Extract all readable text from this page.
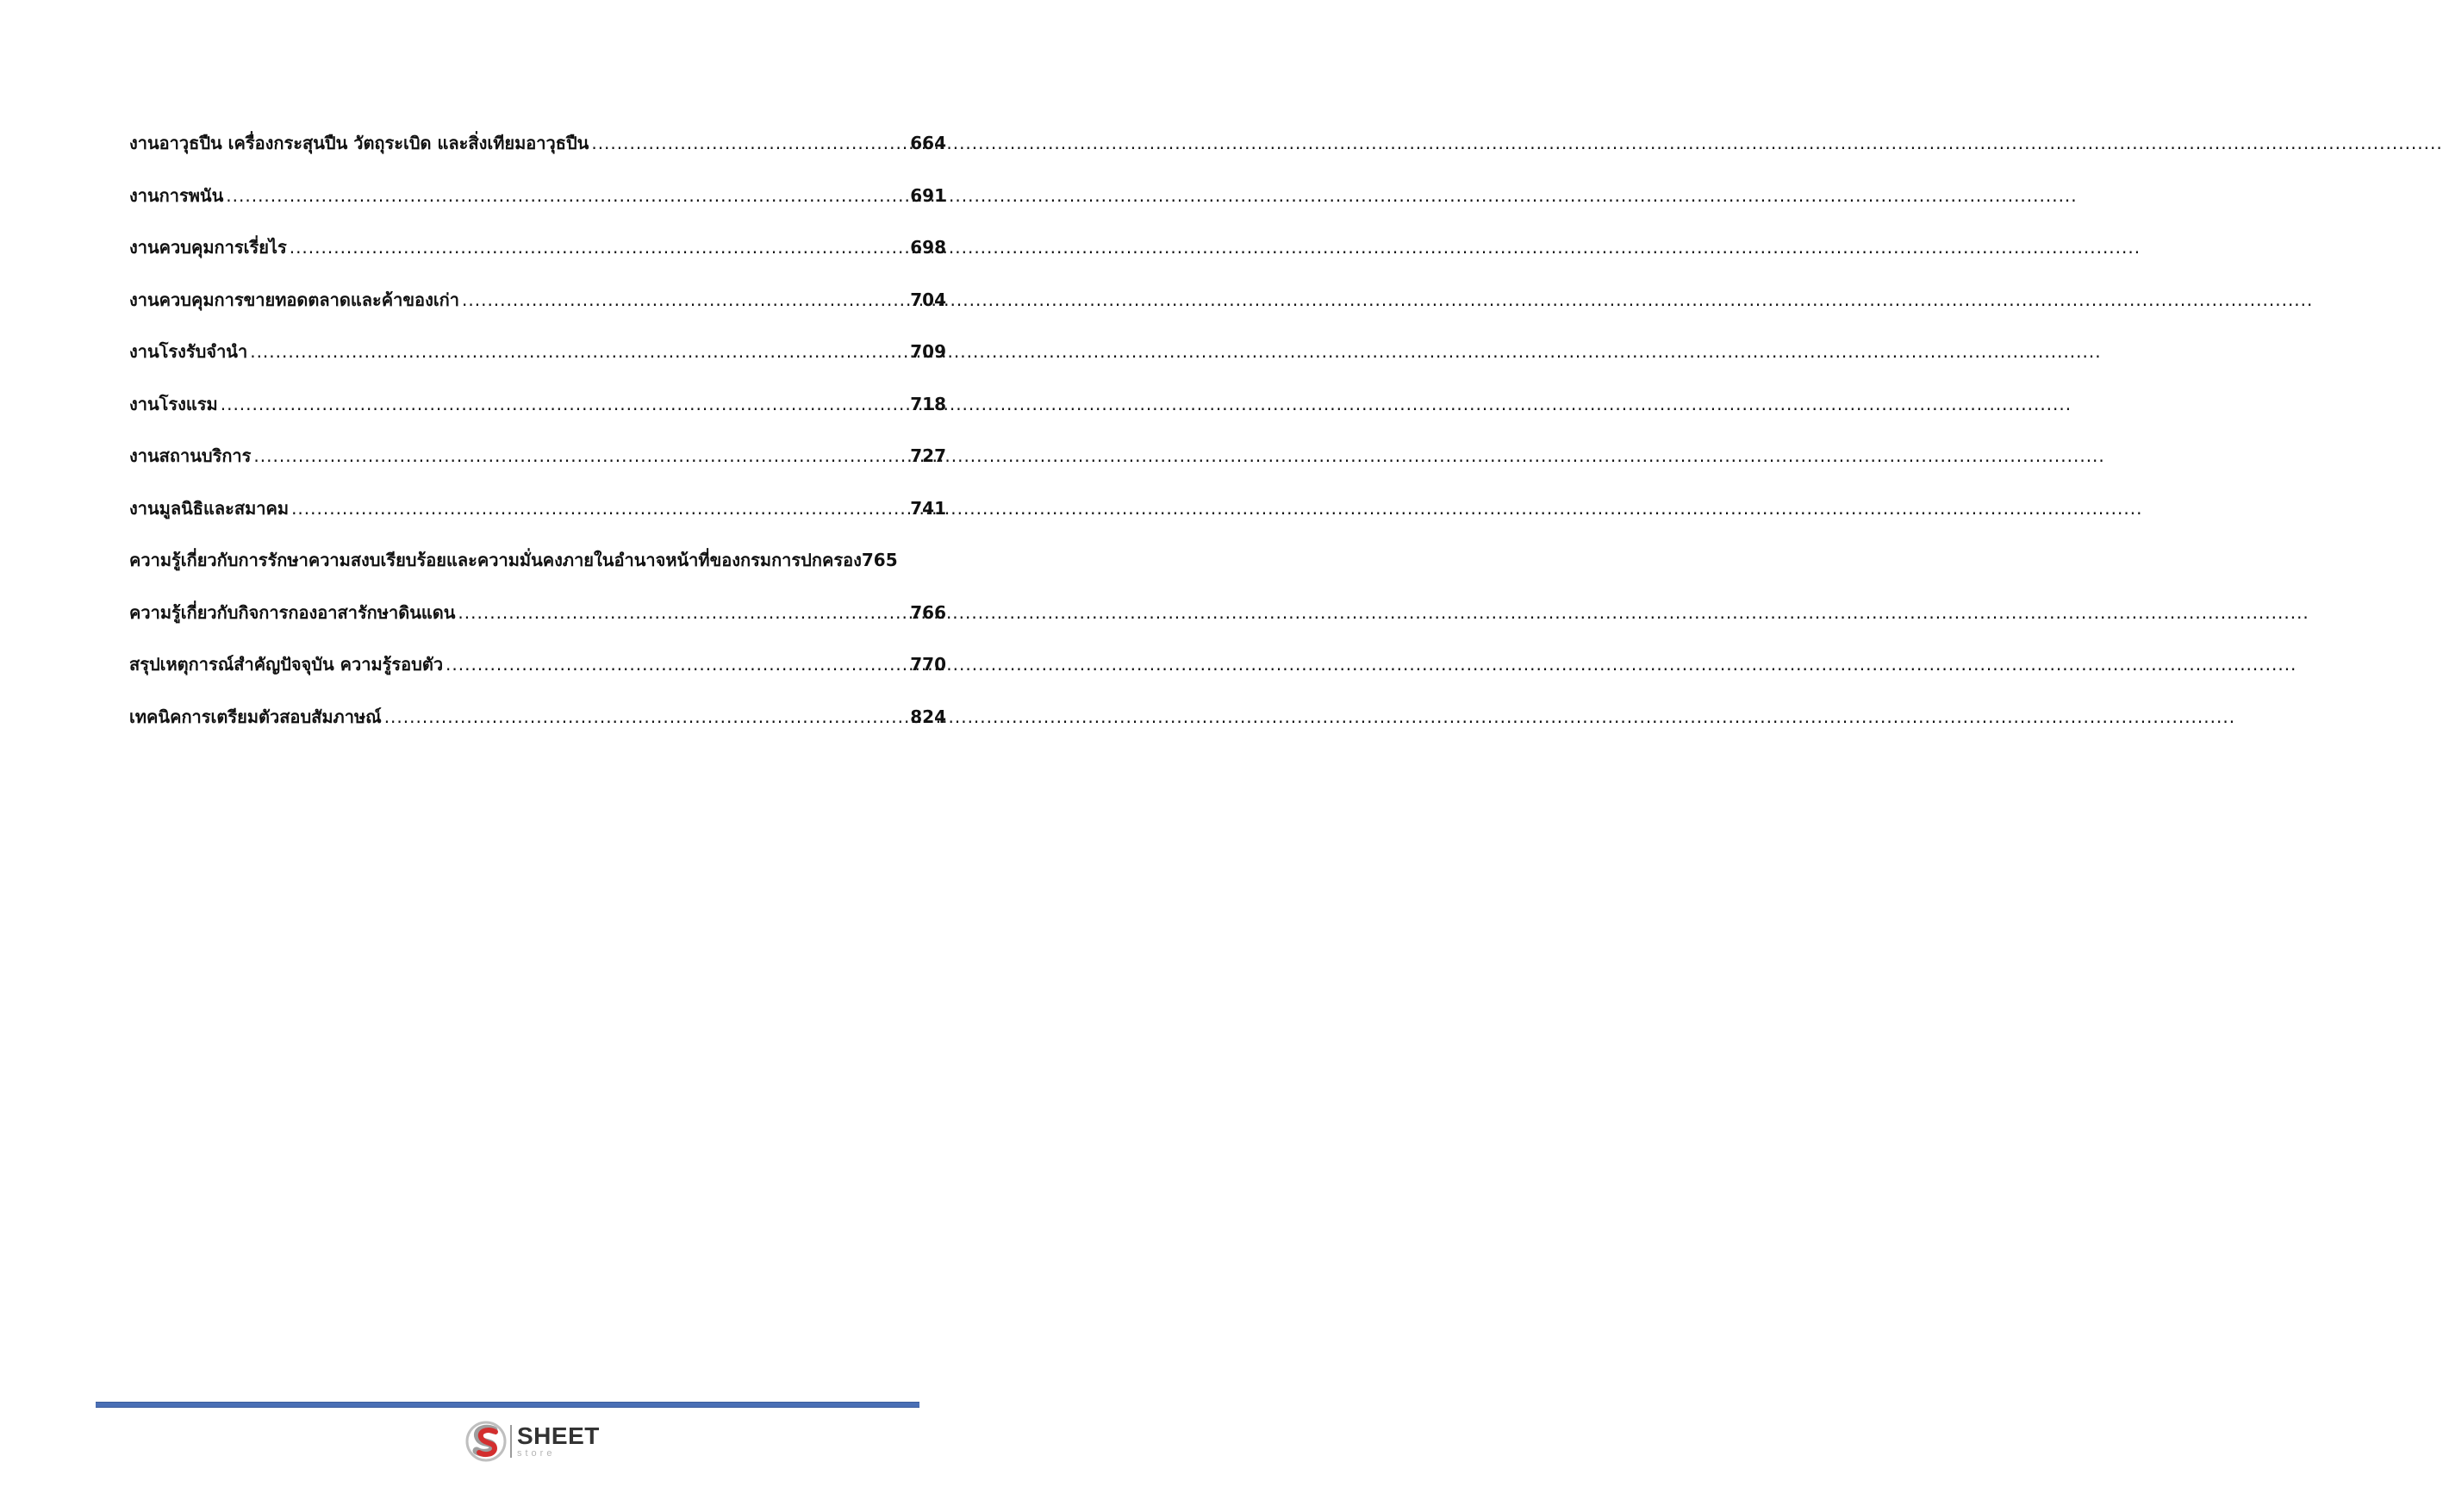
งานอาวุธปืน เครื่องกระสุนปืน วัตถุระเบิด และสิ่งเทียมอาวุธปืน .....	664
งานการพนัน .....	691
งานควบคุมการเรี่ยไร .....	698
งานควบคุมการขายทอดตลาดและค้าของเก่า .....	704
งานโรงรับจำนำ .....	709
งานโรงแรม .....	718
งานสถานบริการ .....	727
งานมูลนิธิและสมาคม .....	741
ความรู้เกี่ยวกับการรักษาความสงบเรียบร้อยและความมั่นคงภายในอำนาจหน้าที่ของกรมการปกครอง 765
ความรู้เกี่ยวกับกิจการกองอาสารักษาดินแดน .....	766
สรุปเหตุการณ์สำคัญปัจจุบัน ความรู้รอบตัว .....	770
เทคนิคการเตรียมตัวสอบสัมภาษณ์ .....	824
SHEET
store
